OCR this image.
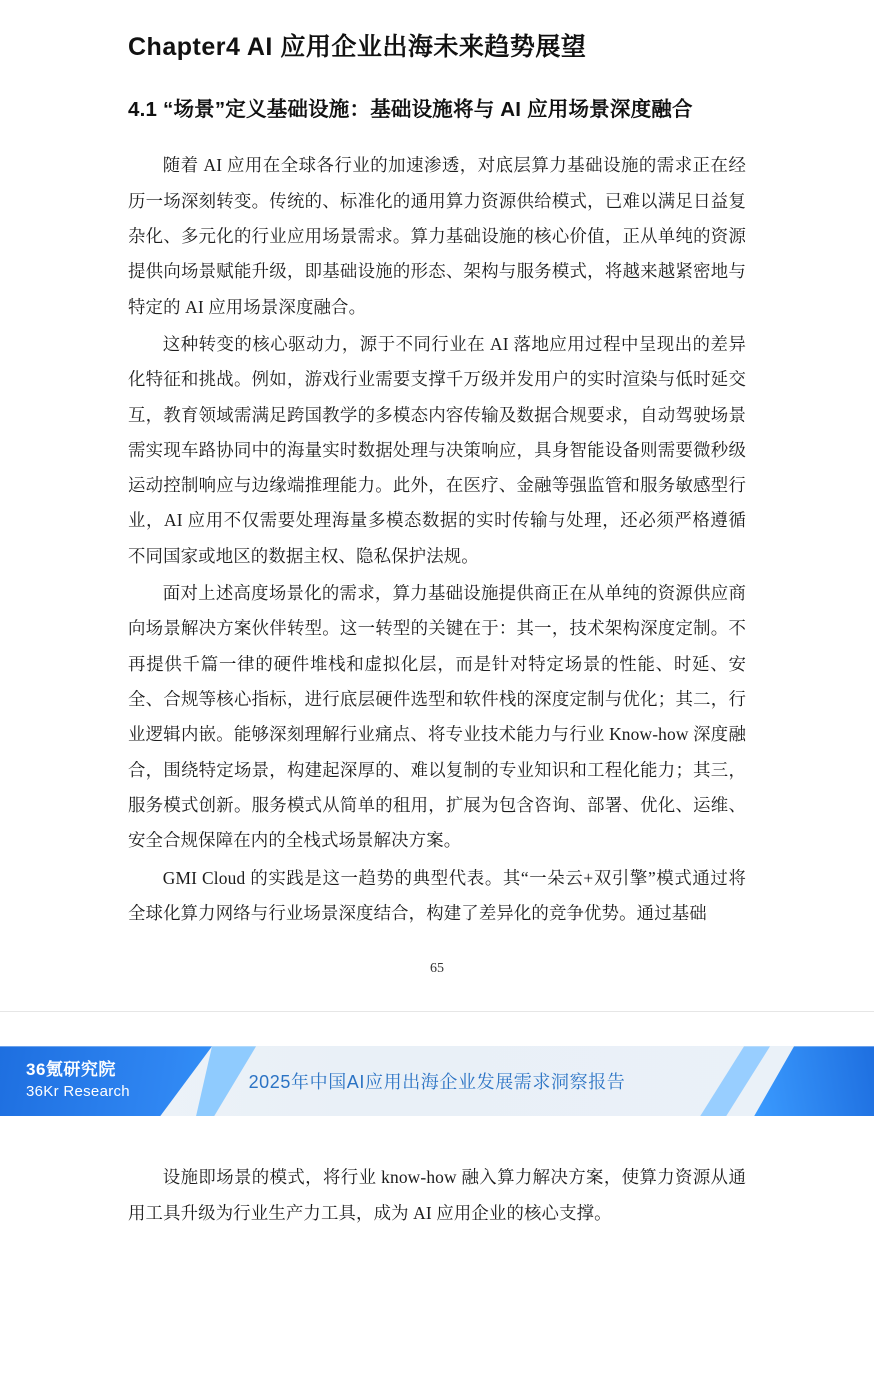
Chapter4 AI 应用企业出海未来趋势展望
4.1 “场景”定义基础设施：基础设施将与 AI 应用场景深度融合

随着 AI 应用在全球各行业的加速渗透，对底层算力基础设施的需求正在经历一场深刻转变。传统的、标准化的通用算力资源供给模式，已难以满足日益复杂化、多元化的行业应用场景需求。算力基础设施的核心价值，正从单纯的资源提供向场景赋能升级，即基础设施的形态、架构与服务模式，将越来越紧密地与特定的 AI 应用场景深度融合。

这种转变的核心驱动力，源于不同行业在 AI 落地应用过程中呈现出的差异化特征和挑战。例如，游戏行业需要支撑千万级并发用户的实时渲染与低时延交互，教育领域需满足跨国教学的多模态内容传输及数据合规要求，自动驾驶场景需实现车路协同中的海量实时数据处理与决策响应，具身智能设备则需要微秒级运动控制响应与边缘端推理能力。此外，在医疗、金融等强监管和服务敏感型行业，AI 应用不仅需要处理海量多模态数据的实时传输与处理，还必须严格遵循不同国家或地区的数据主权、隐私保护法规。

面对上述高度场景化的需求，算力基础设施提供商正在从单纯的资源供应商向场景解决方案伙伴转型。这一转型的关键在于：其一，技术架构深度定制。不再提供千篇一律的硬件堆栈和虚拟化层，而是针对特定场景的性能、时延、安全、合规等核心指标，进行底层硬件选型和软件栈的深度定制与优化；其二，行业逻辑内嵌。能够深刻理解行业痛点、将专业技术能力与行业 Know-how 深度融合，围绕特定场景，构建起深厚的、难以复制的专业知识和工程化能力；其三，服务模式创新。服务模式从简单的租用，扩展为包含咨询、部署、优化、运维、安全合规保障在内的全栈式场景解决方案。

GMI Cloud 的实践是这一趋势的典型代表。其“一朵云+双引擎”模式通过将全球化算力网络与行业场景深度结合，构建了差异化的竞争优势。通过基础

65
36氪研究院
36Kr Research	2025年中国AI应用出海企业发展需求洞察报告

设施即场景的模式，将行业 know-how 融入算力解决方案，使算力资源从通用工具升级为行业生产力工具，成为 AI 应用企业的核心支撑。
